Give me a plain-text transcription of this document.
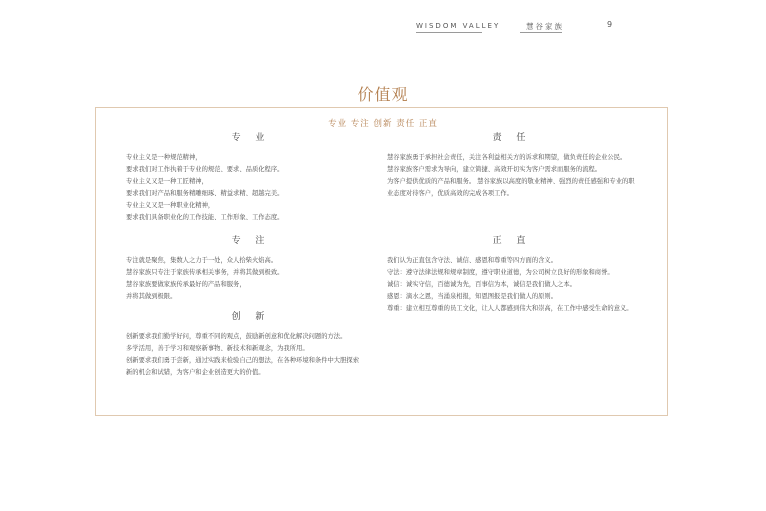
WISDOM VALLEY	慧谷家族	9
价值观
专业 专注 创新 责任 正直
专 业
专业主义是一种规范精神，
要求我们对工作执着于专业的规范、要求、品质化程序。
专业主义又是一种工匠精神，
要求我们对产品和服务精雕细琢、精益求精、超越完美。
专业主义又是一种职业化精神，
要求我们具备职业化的工作技能、工作形象、工作态度。
专 注
专注就是聚焦，集数人之力于一处，众人拾柴火焰高。
慧谷家族只专注于家族传承相关事务，并将其做到极致。
慧谷家族要做家族传承最好的产品和服务，
并将其做到极限。
创 新
创新要求我们勤学好问，尊重不同的观点，鼓励新创意和优化解决问题的方法。
多学活用，善于学习和观察新事物、新技术和新观念，为我所用。
创新要求我们勇于尝新，通过实践来检验自己的想法，在各种环境和条件中大胆探索
新的机会和试错，为客户和企业创造更大的价值。
责 任
慧谷家族勇于承担社会责任，关注各利益相关方的诉求和期望，做负责任的企业公民。
慧谷家族客户需求为导向，建立简捷、高效开切实为客户需求而服务的流程。
为客户提供优质的产品和服务。 慧谷家族以高度的敬业精神、强烈的责任感强和专业的职业态度对待客户，优质高效的完成各项工作。
正 直
我们认为正直包含守法、诚信、感恩和尊重等四方面的含义。
守法：遵守法律法规和规章制度，遵守职业道德，为公司树立良好的形象和商誉。
诚信：诚实守信，百德诚为先，百事信为本，诚信是我们做人之本。
感恩：滴水之恩，当涌泉相报，知恩图报是我们做人的原则。
尊重：建立相互尊重的员工文化，让人人都感到伟大和崇高，在工作中感受生命的意义。
